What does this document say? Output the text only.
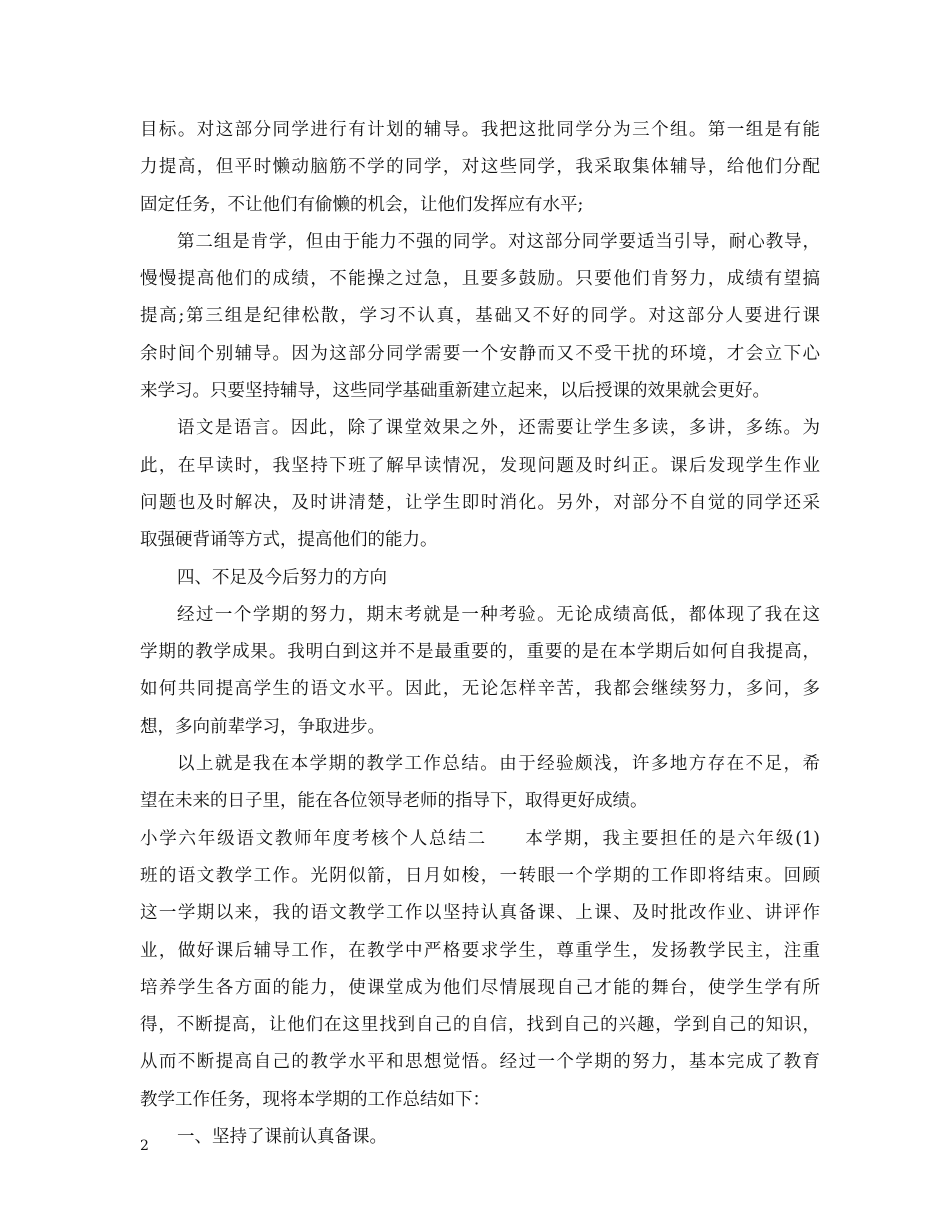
目标。对这部分同学进行有计划的辅导。我把这批同学分为三个组。第一组是有能
力提高，但平时懒动脑筋不学的同学，对这些同学，我采取集体辅导，给他们分配
固定任务，不让他们有偷懒的机会，让他们发挥应有水平;
第二组是肯学，但由于能力不强的同学。对这部分同学要适当引导，耐心教导，
慢慢提高他们的成绩，不能操之过急，且要多鼓励。只要他们肯努力，成绩有望搞
提高;第三组是纪律松散，学习不认真，基础又不好的同学。对这部分人要进行课
余时间个别辅导。因为这部分同学需要一个安静而又不受干扰的环境，才会立下心
来学习。只要坚持辅导，这些同学基础重新建立起来，以后授课的效果就会更好。
语文是语言。因此，除了课堂效果之外，还需要让学生多读，多讲，多练。为
此，在早读时，我坚持下班了解早读情况，发现问题及时纠正。课后发现学生作业
问题也及时解决，及时讲清楚，让学生即时消化。另外，对部分不自觉的同学还采
取强硬背诵等方式，提高他们的能力。
四、不足及今后努力的方向
经过一个学期的努力，期末考就是一种考验。无论成绩高低，都体现了我在这
学期的教学成果。我明白到这并不是最重要的，重要的是在本学期后如何自我提高，
如何共同提高学生的语文水平。因此，无论怎样辛苦，我都会继续努力，多问，多
想，多向前辈学习，争取进步。
以上就是我在本学期的教学工作总结。由于经验颇浅，许多地方存在不足，希
望在未来的日子里，能在各位领导老师的指导下，取得更好成绩。
小学六年级语文教师年度考核个人总结二　　本学期，我主要担任的是六年级(1)
班的语文教学工作。光阴似箭，日月如梭，一转眼一个学期的工作即将结束。回顾
这一学期以来，我的语文教学工作以坚持认真备课、上课、及时批改作业、讲评作
业，做好课后辅导工作，在教学中严格要求学生，尊重学生，发扬教学民主，注重
培养学生各方面的能力，使课堂成为他们尽情展现自己才能的舞台，使学生学有所
得，不断提高，让他们在这里找到自己的自信，找到自己的兴趣，学到自己的知识，
从而不断提高自己的教学水平和思想觉悟。经过一个学期的努力，基本完成了教育
教学工作任务，现将本学期的工作总结如下：
一、坚持了课前认真备课。
2
